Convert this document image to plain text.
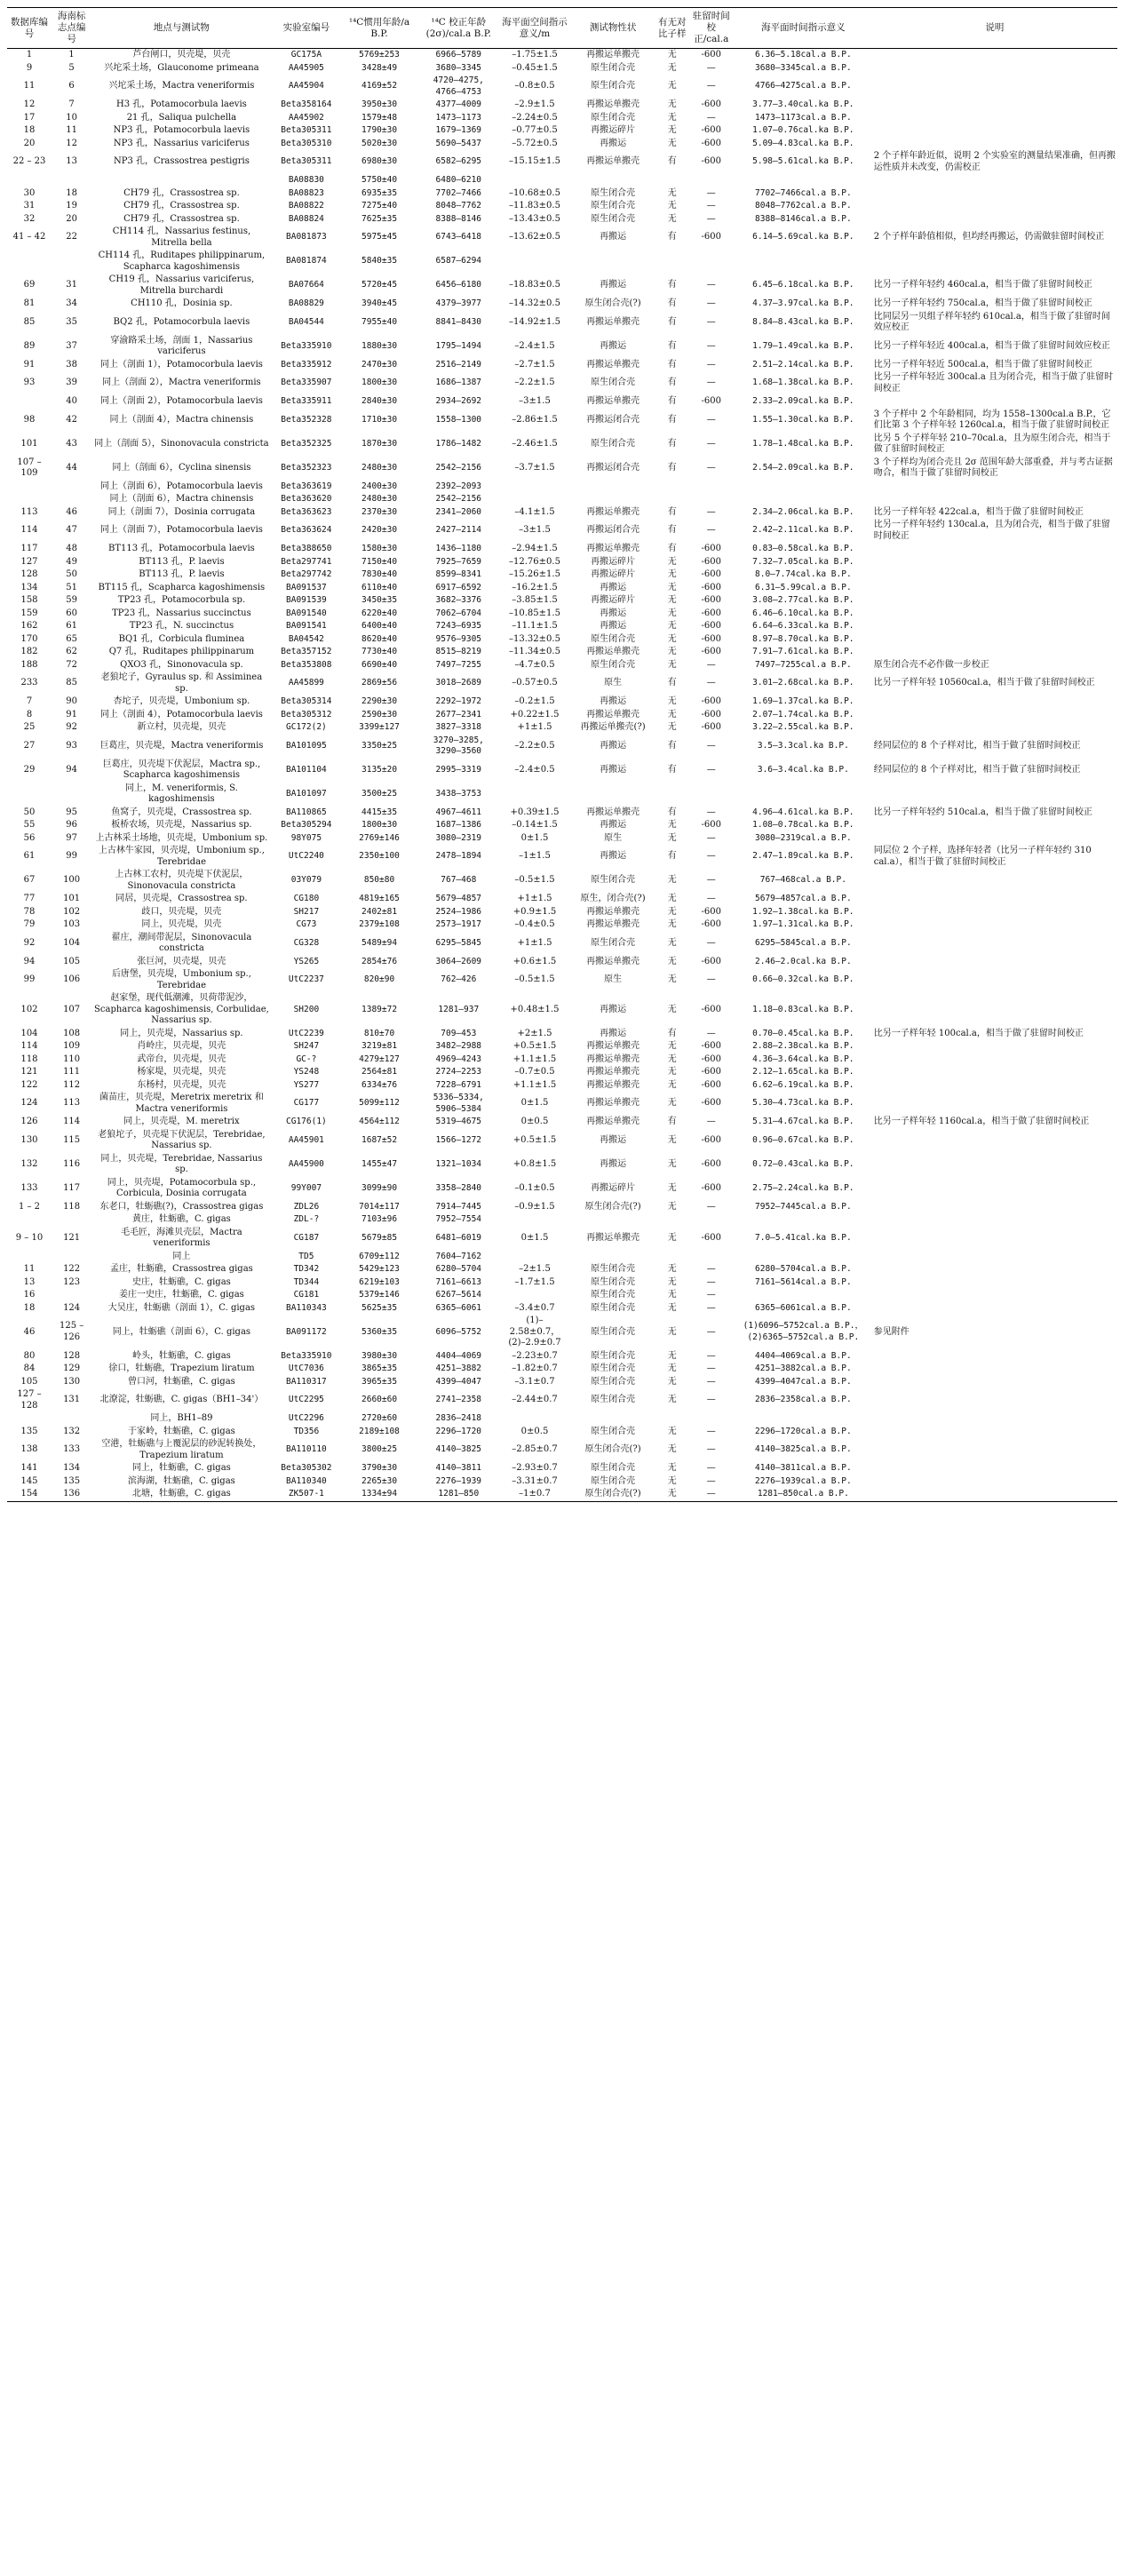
数据库编号	海南标志点编号	地点与测试物	实验室编号	¹⁴C惯用年龄/a B.P.	¹⁴C 校正年龄(2σ)/cal.a B.P.	海平面空间指示意义/m	测试物性状	有无对比子样	驻留时间校正/cal.a	海平面时间指示意义	说明
1	1	芦台闸口，贝壳堤，贝壳	GC175A	5769±253	6966–5789	–1.75±1.5	再搬运单搬壳	无	-600	6.36–5.18cal.a B.P.	
9	5	兴坨采土场，Glauconome primeana	AA45905	3428±49	3680–3345	–0.45±1.5	原生闭合壳	无	—	3680–3345cal.a B.P.	
11	6	兴坨采土场，Mactra veneriformis	AA45904	4169±52	4720–4275, 4766–4753	–0.8±0.5	原生闭合壳	无	—	4766–4275cal.a B.P.	
12	7	H3 孔，Potamocorbula laevis	Beta358164	3950±30	4377–4009	–2.9±1.5	再搬运单搬壳	无	-600	3.77–3.40cal.ka B.P.	
17	10	21 孔，Saliqua pulchella	AA45902	1579±48	1473–1173	–2.24±0.5	原生闭合壳	无	—	1473–1173cal.a B.P.	
18	11	NP3 孔，Potamocorbula laevis	Beta305311	1790±30	1679–1369	–0.77±0.5	再搬运碎片	无	-600	1.07–0.76cal.ka B.P.	
20	12	NP3 孔，Nassarius variciferus	Beta305310	5020±30	5690–5437	–5.72±0.5	再搬运	无	-600	5.09–4.83cal.ka B.P.	
22 – 23	13	NP3 孔，Crassostrea pestigris	Beta305311	6980±30	6582–6295	–15.15±1.5	再搬运单搬壳	有	-600	5.98–5.61cal.ka B.P.	2 个子样年龄近似，说明 2 个实验室的测量结果准确，但再搬运性质并未改变，仍需校正
			BA08830	5750±40	6480–6210						
30	18	CH79 孔，Crassostrea sp.	BA08823	6935±35	7702–7466	–10.68±0.5	原生闭合壳	无	—	7702–7466cal.a B.P.	
31	19	CH79 孔，Crassostrea sp.	BA08822	7275±40	8048–7762	–11.83±0.5	原生闭合壳	无	—	8048–7762cal.a B.P.	
32	20	CH79 孔，Crassostrea sp.	BA08824	7625±35	8388–8146	–13.43±0.5	原生闭合壳	无	—	8388–8146cal.a B.P.	
41 – 42	22	CH114 孔，Nassarius festinus, Mitrella bella	BA081873	5975±45	6743–6418	–13.62±0.5	再搬运	有	-600	6.14–5.69cal.ka B.P.	2 个子样年龄值相似，但均经再搬运，仍需做驻留时间校正
		CH114 孔，Ruditapes philippinarum, Scapharca kagoshimensis	BA081874	5840±35	6587–6294						
69	31	CH19 孔，Nassarius variciferus, Mitrella burchardi	BA07664	5720±45	6456–6180	–18.83±0.5	再搬运	有	—	6.45–6.18cal.ka B.P.	比另一子样年轻约 460cal.a，相当于做了驻留时间校正
81	34	CH110 孔，Dosinia sp.	BA08829	3940±45	4379–3977	–14.32±0.5	原生闭合壳(?)	有	—	4.37–3.97cal.ka B.P.	比另一子样年轻约 750cal.a，相当于做了驻留时间校正
85	35	BQ2 孔，Potamocorbula laevis	BA04544	7955±40	8841–8430	–14.92±1.5	再搬运单搬壳	有	—	8.84–8.43cal.ka B.P.	比同层另一贝组子样年轻约 610cal.a，相当于做了驻留时间效应校正
89	37	穿渝路采土场，剖面 1，Nassarius variciferus	Beta335910	1880±30	1795–1494	–2.4±1.5	再搬运	有	—	1.79–1.49cal.ka B.P.	比另一子样年轻近 400cal.a，相当于做了驻留时间效应校正
91	38	同上（剖面 1），Potamocorbula laevis	Beta335912	2470±30	2516–2149	–2.7±1.5	再搬运单搬壳	有	—	2.51–2.14cal.ka B.P.	比另一子样年轻近 500cal.a，相当于做了驻留时间校正
93	39	同上（剖面 2），Mactra veneriformis	Beta335907	1800±30	1686–1387	–2.2±1.5	原生闭合壳	有	—	1.68–1.38cal.ka B.P.	比另一子样年轻近 300cal.a 且为闭合壳，相当于做了驻留时间校正
	40	同上（剖面 2），Potamocorbula laevis	Beta335911	2840±30	2934–2692	–3±1.5	再搬运单搬壳	有	-600	2.33–2.09cal.ka B.P.	
98	42	同上（剖面 4），Mactra chinensis	Beta352328	1710±30	1558–1300	–2.86±1.5	再搬运闭合壳	有	—	1.55–1.30cal.ka B.P.	3 个子样中 2 个年龄相同，均为 1558–1300cal.a B.P.，它们比第 3 个子样年轻 1260cal.a，相当于做了驻留时间校正
101	43	同上（剖面 5），Sinonovacula constricta	Beta352325	1870±30	1786–1482	–2.46±1.5	原生闭合壳	有	—	1.78–1.48cal.ka B.P.	比另 5 个子样年轻 210–70cal.a，且为原生闭合壳，相当于做了驻留时间校正
107 – 109	44	同上（剖面 6），Cyclina sinensis	Beta352323	2480±30	2542–2156	–3.7±1.5	再搬运闭合壳	有	—	2.54–2.09cal.ka B.P.	3 个子样均为闭合壳且 2σ 范围年龄大部重叠，并与考古证据吻合，相当于做了驻留时间校正
		同上（剖面 6），Potamocorbula laevis	Beta363619	2400±30	2392–2093						
		同上（剖面 6），Mactra chinensis	Beta363620	2480±30	2542–2156						
113	46	同上（剖面 7），Dosinia corrugata	Beta363623	2370±30	2341–2060	–4.1±1.5	再搬运单搬壳	有	—	2.34–2.06cal.ka B.P.	比另一子样年轻 422cal.a，相当于做了驻留时间校正
114	47	同上（剖面 7），Potamocorbula laevis	Beta363624	2420±30	2427–2114	–3±1.5	再搬运闭合壳	有	—	2.42–2.11cal.ka B.P.	比另一子样年轻约 130cal.a，且为闭合壳，相当于做了驻留时间校正
117	48	BT113 孔，Potamocorbula laevis	Beta388650	1580±30	1436–1180	–2.94±1.5	再搬运单搬壳	有	-600	0.83–0.58cal.ka B.P.	
127	49	BT113 孔，P. laevis	Beta297741	7150±40	7925–7659	–12.76±0.5	再搬运碎片	无	-600	7.32–7.05cal.ka B.P.	
128	50	BT113 孔，P. laevis	Beta297742	7830±40	8599–8341	–15.26±1.5	再搬运碎片	无	-600	8.0–7.74cal.ka B.P.	
134	51	BT115 孔，Scapharca kagoshimensis	BA091537	6110±40	6917–6592	–16.2±1.5	再搬运	无	-600	6.31–5.99cal.a B.P.	
158	59	TP23 孔，Potamocorbula sp.	BA091539	3450±35	3682–3376	–3.85±1.5	再搬运碎片	无	-600	3.08–2.77cal.ka B.P.	
159	60	TP23 孔，Nassarius succinctus	BA091540	6220±40	7062–6704	–10.85±1.5	再搬运	无	-600	6.46–6.10cal.ka B.P.	
162	61	TP23 孔，N. succinctus	BA091541	6400±40	7243–6935	–11.1±1.5	再搬运	无	-600	6.64–6.33cal.ka B.P.	
170	65	BQ1 孔，Corbicula fluminea	BA04542	8620±40	9576–9305	–13.32±0.5	原生闭合壳	无	-600	8.97–8.70cal.ka B.P.	
182	62	Q7 孔，Ruditapes philippinarum	Beta357152	7730±40	8515–8219	–11.34±0.5	再搬运单搬壳	无	-600	7.91–7.61cal.ka B.P.	
188	72	QXO3 孔，Sinonovacula sp.	Beta353808	6690±40	7497–7255	–4.7±0.5	原生闭合壳	无	—	7497–7255cal.a B.P.	原生闭合壳不必作做一步校正
233	85	老狼坨子，Gyraulus sp. 和 Assiminea sp.	AA45899	2869±56	3018–2689	–0.57±0.5	原生	有	—	3.01–2.68cal.ka B.P.	比另一子样年轻 10560cal.a，相当于做了驻留时间校正
7	90	杏坨子，贝壳堤，Umbonium sp.	Beta305314	2290±30	2292–1972	–0.2±1.5	再搬运	无	-600	1.69–1.37cal.ka B.P.	
8	91	同上（剖面 4），Potamocorbula laevis	Beta305312	2590±30	2677–2341	+0.22±1.5	再搬运单搬壳	无	-600	2.07–1.74cal.ka B.P.	
25	92	新立村，贝壳堤，贝壳	GC172(2)	3399±127	3827–3318	+1±1.5	再搬运单搬壳(?)	无	-600	3.22–2.55cal.ka B.P.	
27	93	巨葛庄，贝壳堤，Mactra veneriformis	BA101095	3350±25	3270–3285, 3290–3560	–2.2±0.5	再搬运	有	—	3.5–3.3cal.ka B.P.	经同层位的 8 个子样对比，相当于做了驻留时间校正
29	94	巨葛庄，贝壳堤下伏泥层，Mactra sp., Scapharca kagoshimensis	BA101104	3135±20	2995–3319	–2.4±0.5	再搬运	有	—	3.6–3.4cal.ka B.P.	经同层位的 8 个子样对比，相当于做了驻留时间校正
		同上，M. veneriformis, S. kagoshimensis	BA101097	3500±25	3438–3753						
50	95	鱼窝子，贝壳堤，Crassostrea sp.	BA110865	4415±35	4967–4611	+0.39±1.5	再搬运单搬壳	有	—	4.96–4.61cal.ka B.P.	比另一子样年轻约 510cal.a，相当于做了驻留时间校正
55	96	板桥农场，贝壳堤，Nassarius sp.	Beta305294	1800±30	1687–1386	–0.14±1.5	再搬运	无	-600	1.08–0.78cal.ka B.P.	
56	97	上古林采土场地，贝壳堤，Umbonium sp.	98Y075	2769±146	3080–2319	0±1.5	原生	无	—	3080–2319cal.a B.P.	
61	99	上古林牛家园，贝壳堤，Umbonium sp., Terebridae	UtC2240	2350±100	2478–1894	–1±1.5	再搬运	有	—	2.47–1.89cal.ka B.P.	同层位 2 个子样，选择年轻者（比另一子样年轻约 310 cal.a），相当于做了驻留时间校正
67	100	上古林工农村，贝壳堤下伏泥层，Sinonovacula constricta	03Y079	850±80	767–468	–0.5±1.5	原生闭合壳	无	—	767–468cal.a B.P.	
77	101	同居，贝壳堤，Crassostrea sp.	CG180	4819±165	5679–4857	+1±1.5	原生，闭合壳(?)	无	—	5679–4857cal.a B.P.	
78	102	歧口，贝壳堤，贝壳	SH217	2402±81	2524–1986	+0.9±1.5	再搬运单搬壳	无	-600	1.92–1.38cal.ka B.P.	
79	103	同上，贝壳堤，贝壳	CG73	2379±108	2573–1917	–0.4±0.5	再搬运单搬壳	无	-600	1.97–1.31cal.ka B.P.	
92	104	翟庄，潮间带泥层，Sinonovacula constricta	CG328	5489±94	6295–5845	+1±1.5	原生闭合壳	无	—	6295–5845cal.a B.P.	
94	105	张巨河，贝壳堤，贝壳	YS265	2854±76	3064–2609	+0.6±1.5	再搬运单搬壳	无	-600	2.46–2.0cal.ka B.P.	
99	106	后唐堡，贝壳堤，Umbonium sp., Terebridae	UtC2237	820±90	762–426	–0.5±1.5	原生	无	—	0.66–0.32cal.ka B.P.	
102	107	赵家堡，现代低潮滩，贝荷带泥沙，Scapharca kagoshimensis, Corbulidae, Nassarius sp.	SH200	1389±72	1281–937	+0.48±1.5	再搬运	无	-600	1.18–0.83cal.ka B.P.	
104	108	同上，贝壳堤，Nassarius sp.	UtC2239	810±70	709–453	+2±1.5	再搬运	有	—	0.70–0.45cal.ka B.P.	比另一子样年轻 100cal.a，相当于做了驻留时间校正
114	109	肖岭庄，贝壳堤，贝壳	SH247	3219±81	3482–2988	+0.5±1.5	再搬运单搬壳	无	-600	2.88–2.38cal.ka B.P.	
118	110	武帝台，贝壳堤，贝壳	GC-?	4279±127	4969–4243	+1.1±1.5	再搬运单搬壳	无	-600	4.36–3.64cal.ka B.P.	
121	111	杨家堤，贝壳堤，贝壳	YS248	2564±81	2724–2253	–0.7±0.5	再搬运单搬壳	无	-600	2.12–1.65cal.ka B.P.	
122	112	东杨村，贝壳堤，贝壳	YS277	6334±76	7228–6791	+1.1±1.5	再搬运单搬壳	无	-600	6.62–6.19cal.ka B.P.	
124	113	菌苗庄，贝壳堤，Meretrix meretrix 和 Mactra veneriformis	CG177	5099±112	5336–5334, 5906–5384	0±1.5	再搬运单搬壳	无	-600	5.30–4.73cal.ka B.P.	
126	114	同上，贝壳堤，M. meretrix	CG176(1)	4564±112	5319–4675	0±0.5	再搬运单搬壳	有	—	5.31–4.67cal.ka B.P.	比另一子样年轻 1160cal.a，相当于做了驻留时间校正
130	115	老狼坨子，贝壳堤下伏泥层，Terebridae, Nassarius sp.	AA45901	1687±52	1566–1272	+0.5±1.5	再搬运	无	-600	0.96–0.67cal.ka B.P.	
132	116	同上，贝壳堤，Terebridae, Nassarius sp.	AA45900	1455±47	1321–1034	+0.8±1.5	再搬运	无	-600	0.72–0.43cal.ka B.P.	
133	117	同上，贝壳堤，Potamocorbula sp., Corbicula, Dosinia corrugata	99Y007	3099±90	3358–2840	–0.1±0.5	再搬运碎片	无	-600	2.75–2.24cal.ka B.P.	
1 – 2	118	东老口，牡蛎礁(?)，Crassostrea gigas	ZDL26	7014±117	7914–7445	–0.9±1.5	原生闭合壳(?)	无	—	7952–7445cal.a B.P.	
		黄庄，牡蛎礁，C. gigas	ZDL-?	7103±96	7952–7554						
9 – 10	121	毛毛匠，海滩贝壳层，Mactra veneriformis	CG187	5679±85	6481–6019	0±1.5	再搬运单搬壳	无	-600	7.0–5.41cal.ka B.P.	
		同上	TD5	6709±112	7604–7162						
11	122	孟庄，牡蛎礁，Crassostrea gigas	TD342	5429±123	6280–5704	–2±1.5	原生闭合壳	无	—	6280–5704cal.a B.P.	
13	123	史庄，牡蛎礁，C. gigas	TD344	6219±103	7161–6613	–1.7±1.5	原生闭合壳	无	—	7161–5614cal.a B.P.	
16		姜庄一史庄，牡蛎礁，C. gigas	CG181	5379±146	6267–5614		原生闭合壳	无	—		
18	124	大吴庄，牡蛎礁（剖面 1），C. gigas	BA110343	5625±35	6365–6061	–3.4±0.7	原生闭合壳	无	—	6365–6061cal.a B.P.	
46	125 – 126	同上，牡蛎礁（剖面 6），C. gigas	BA091172	5360±35	6096–5752	(1)–2.58±0.7，(2)–2.9±0.7	原生闭合壳	无	—	(1)6096–5752cal.a B.P.，(2)6365–5752cal.a B.P.	参见附件
80	128	岭头，牡蛎礁，C. gigas	Beta335910	3980±30	4404–4069	–2.23±0.7	原生闭合壳	无	—	4404–4069cal.a B.P.	
84	129	徐口，牡蛎礁，Trapezium liratum	UtC7036	3865±35	4251–3882	–1.82±0.7	原生闭合壳	无	—	4251–3882cal.a B.P.	
105	130	曾口河，牡蛎礁，C. gigas	BA110317	3965±35	4399–4047	–3.1±0.7	原生闭合壳	无	—	4399–4047cal.a B.P.	
127 – 128	131	北潦淀，牡蛎礁，C. gigas（BH1–34'）	UtC2295	2660±60	2741–2358	–2.44±0.7	原生闭合壳	无	—	2836–2358cal.a B.P.	
		同上，BH1–89	UtC2296	2720±60	2836–2418						
135	132	于家岭，牡蛎礁，C. gigas	TD356	2189±108	2296–1720	0±0.5	原生闭合壳	无	—	2296–1720cal.a B.P.	
138	133	空港，牡蛎礁与上覆泥层的砂泥转换处，Trapezium liratum	BA110110	3800±25	4140–3825	–2.85±0.7	原生闭合壳(?)	无	—	4140–3825cal.a B.P.	
141	134	同上，牡蛎礁，C. gigas	Beta305302	3790±30	4140–3811	–2.93±0.7	原生闭合壳	无	—	4140–3811cal.a B.P.	
145	135	滨海湖，牡蛎礁，C. gigas	BA110340	2265±30	2276–1939	–3.31±0.7	原生闭合壳	无	—	2276–1939cal.a B.P.	
154	136	北塘，牡蛎礁，C. gigas	ZK507-1	1334±94	1281–850	–1±0.7	原生闭合壳(?)	无	—	1281–850cal.a B.P.	
